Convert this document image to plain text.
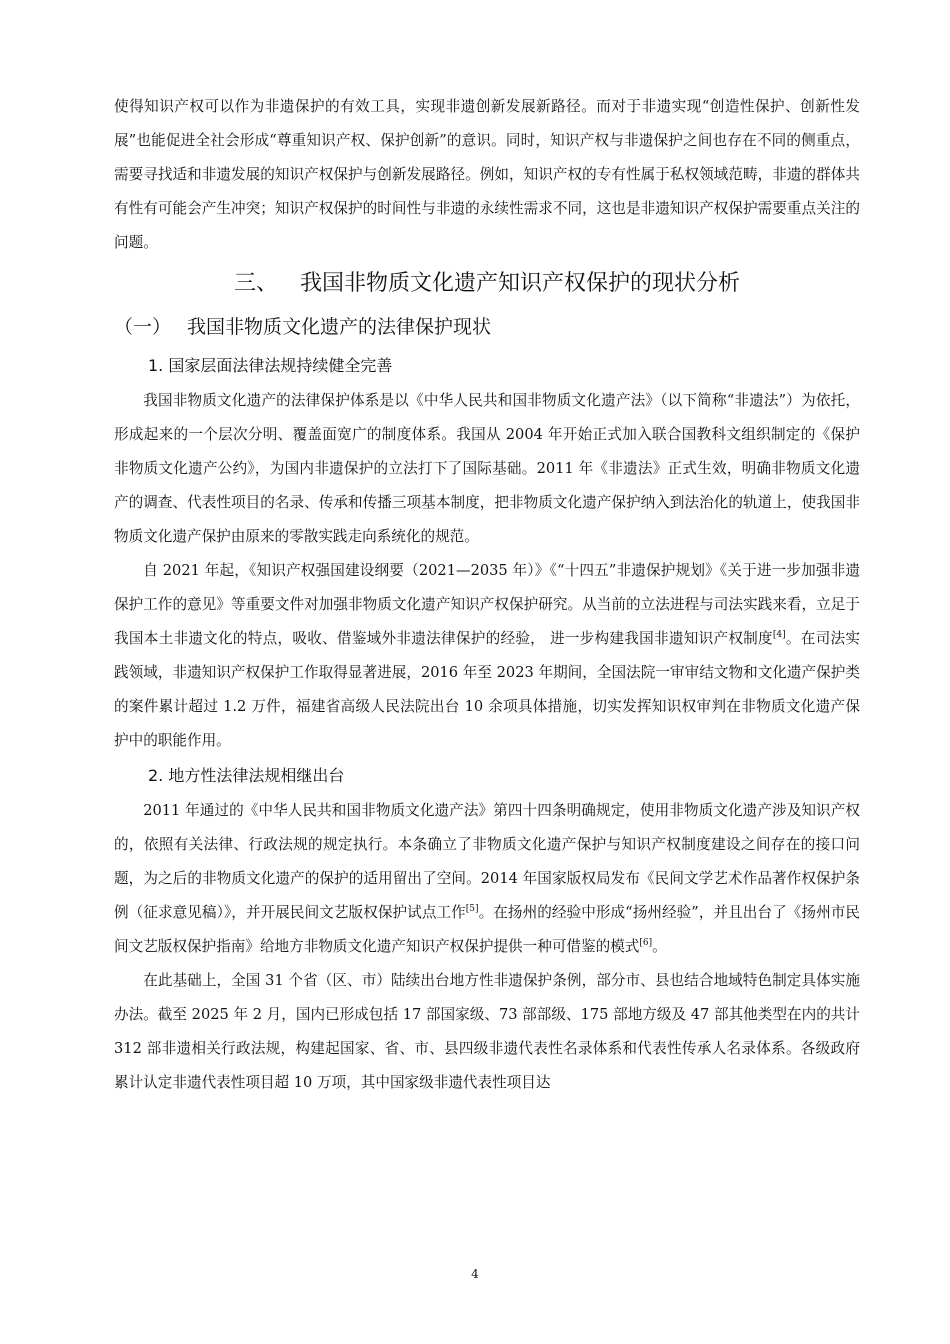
使得知识产权可以作为非遗保护的有效工具，实现非遗创新发展新路径。而对于非遗实现“创造性保护、创新性发展”也能促进全社会形成“尊重知识产权、保护创新”的意识。同时，知识产权与非遗保护之间也存在不同的侧重点，需要寻找适和非遗发展的知识产权保护与创新发展路径。例如，知识产权的专有性属于私权领域范畴，非遗的群体共有性有可能会产生冲突；知识产权保护的时间性与非遗的永续性需求不同，这也是非遗知识产权保护需要重点关注的问题。

三、 我国非物质文化遗产知识产权保护的现状分析
（一） 我国非物质文化遗产的法律保护现状
1. 国家层面法律法规持续健全完善

我国非物质文化遗产的法律保护体系是以《中华人民共和国非物质文化遗产法》（以下简称“非遗法”）为依托，形成起来的一个层次分明、覆盖面宽广的制度体系。我国从 2004 年开始正式加入联合国教科文组织制定的《保护非物质文化遗产公约》，为国内非遗保护的立法打下了国际基础。2011 年《非遗法》正式生效，明确非物质文化遗产的调查、代表性项目的名录、传承和传播三项基本制度，把非物质文化遗产保护纳入到法治化的轨道上，使我国非物质文化遗产保护由原来的零散实践走向系统化的规范。

自 2021 年起，《知识产权强国建设纲要（2021—2035 年）》《“十四五”非遗保护规划》《关于进一步加强非遗保护工作的意见》等重要文件对加强非物质文化遗产知识产权保护研究。从当前的立法进程与司法实践来看，立足于我国本土非遗文化的特点，吸收、借鉴域外非遗法律保护的经验， 进一步构建我国非遗知识产权制度[4]。在司法实践领域，非遗知识产权保护工作取得显著进展，2016 年至 2023 年期间，全国法院一审审结文物和文化遗产保护类的案件累计超过 1.2 万件，福建省高级人民法院出台 10 余项具体措施，切实发挥知识权审判在非物质文化遗产保护中的职能作用。

2. 地方性法律法规相继出台

2011 年通过的《中华人民共和国非物质文化遗产法》第四十四条明确规定，使用非物质文化遗产涉及知识产权的，依照有关法律、行政法规的规定执行。本条确立了非物质文化遗产保护与知识产权制度建设之间存在的接口问题，为之后的非物质文化遗产的保护的适用留出了空间。2014 年国家版权局发布《民间文学艺术作品著作权保护条例（征求意见稿）》，并开展民间文艺版权保护试点工作[5]。在扬州的经验中形成“扬州经验”，并且出台了《扬州市民间文艺版权保护指南》给地方非物质文化遗产知识产权保护提供一种可借鉴的模式[6]。

在此基础上，全国 31 个省（区、市）陆续出台地方性非遗保护条例，部分市、县也结合地域特色制定具体实施办法。截至 2025 年 2 月，国内已形成包括 17 部国家级、73 部部级、175 部地方级及 47 部其他类型在内的共计 312 部非遗相关行政法规，构建起国家、省、市、县四级非遗代表性名录体系和代表性传承人名录体系。各级政府累计认定非遗代表性项目超 10 万项，其中国家级非遗代表性项目达

4
